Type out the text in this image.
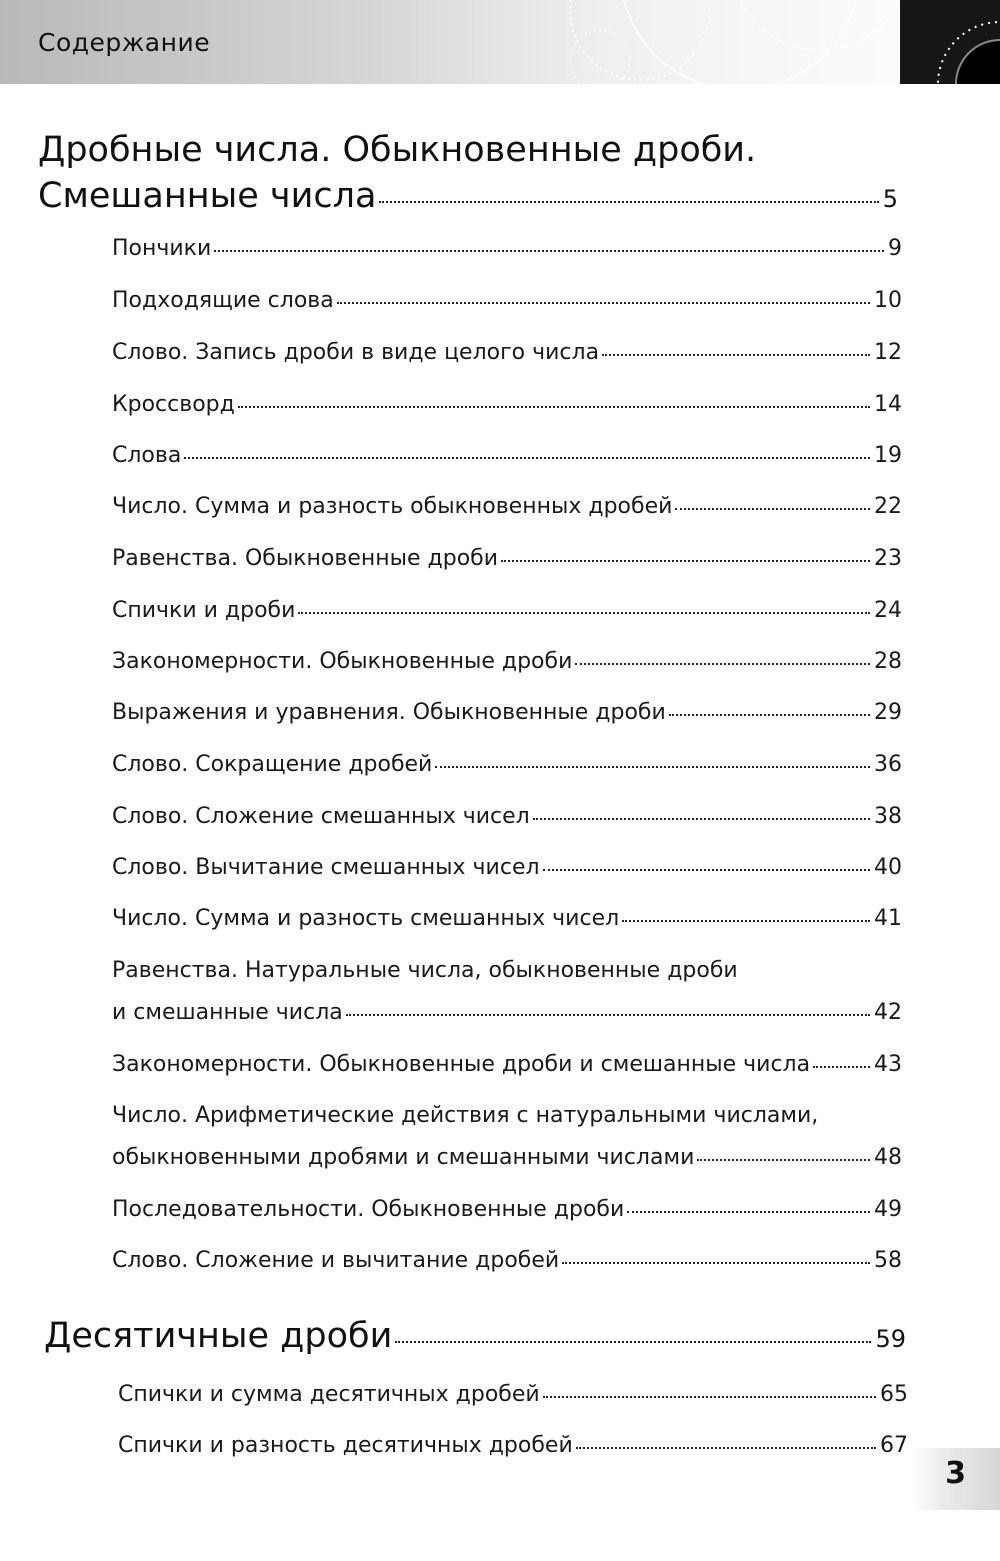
Содержание
Дробные числа. Обыкновенные дроби.
Смешанные числа	5
Пончики	9
Подходящие слова	10
Слово. Запись дроби в виде целого числа	12
Кроссворд	14
Слова	19
Число. Сумма и разность обыкновенных дробей	22
Равенства. Обыкновенные дроби	23
Спички и дроби	24
Закономерности. Обыкновенные дроби	28
Выражения и уравнения. Обыкновенные дроби	29
Слово. Сокращение дробей	36
Слово. Сложение смешанных чисел	38
Слово. Вычитание смешанных чисел	40
Число. Сумма и разность смешанных чисел	41
Равенства. Натуральные числа, обыкновенные дроби
и смешанные числа	42
Закономерности. Обыкновенные дроби и смешанные числа	43
Число. Арифметические действия с натуральными числами,
обыкновенными дробями и смешанными числами	48
Последовательности. Обыкновенные дроби	49
Слово. Сложение и вычитание дробей	58
Десятичные дроби	59
Спички и сумма десятичных дробей	65
Спички и разность десятичных дробей	67
3
